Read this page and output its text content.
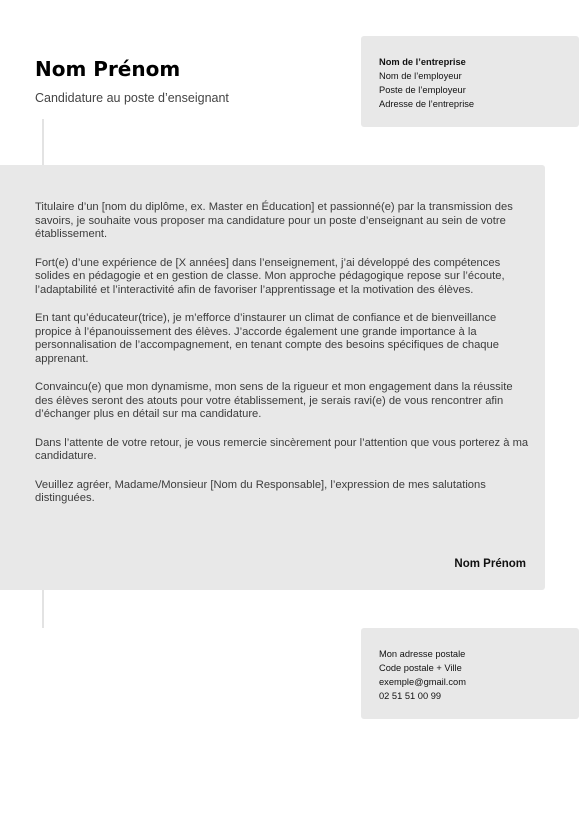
Nom Prénom

Candidature au poste d’enseignant

Nom de l’entreprise
Nom de l’employeur
Poste de l’employeur
Adresse de l’entreprise

Titulaire d’un [nom du diplôme, ex. Master en Éducation] et passionné(e) par la transmission des savoirs, je souhaite vous proposer ma candidature pour un poste d’enseignant au sein de votre établissement.

Fort(e) d’une expérience de [X années] dans l’enseignement, j’ai développé des compétences solides en pédagogie et en gestion de classe. Mon approche pédagogique repose sur l’écoute, l’adaptabilité et l’interactivité afin de favoriser l’apprentissage et la motivation des élèves.

En tant qu’éducateur(trice), je m’efforce d’instaurer un climat de confiance et de bienveillance propice à l’épanouissement des élèves. J’accorde également une grande importance à la personnalisation de l’accompagnement, en tenant compte des besoins spécifiques de chaque apprenant.

Convaincu(e) que mon dynamisme, mon sens de la rigueur et mon engagement dans la réussite des élèves seront des atouts pour votre établissement, je serais ravi(e) de vous rencontrer afin d’échanger plus en détail sur ma candidature.

Dans l’attente de votre retour, je vous remercie sincèrement pour l’attention que vous porterez à ma candidature.

Veuillez agréer, Madame/Monsieur [Nom du Responsable], l’expression de mes salutations distinguées.

Nom Prénom

Mon adresse postale
Code postale + Ville
exemple@gmail.com
02 51 51 00 99
